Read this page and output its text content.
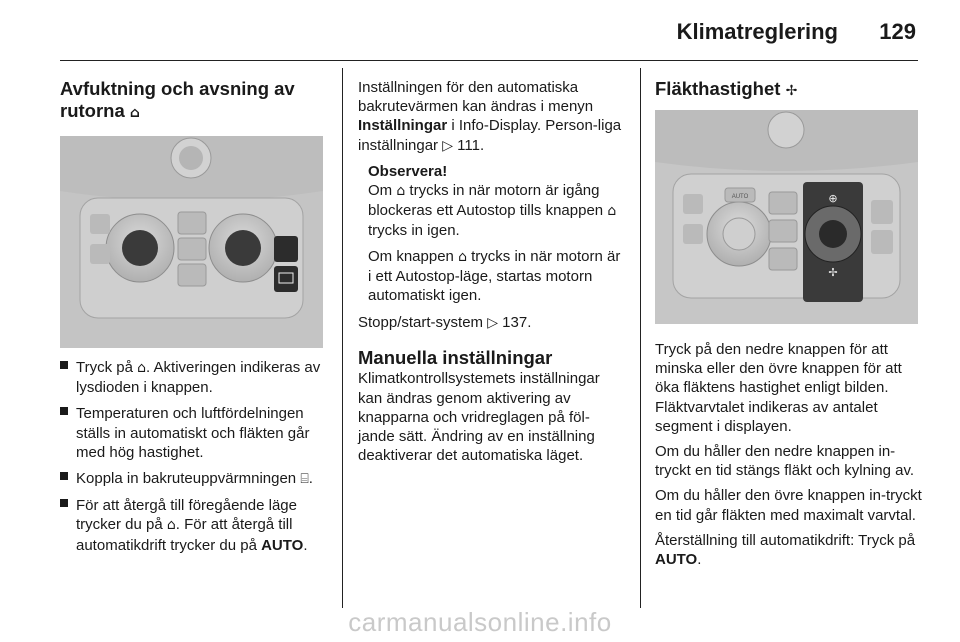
Klimatreglering 129
Avfuktning och avsning av
rutorna ⌂
Tryck på ⌂. Aktiveringen indikeras av lysdioden i knappen.
Temperaturen och luftfördelningen ställs in automatiskt och fläkten går med hög hastighet.
Koppla in bakruteuppvärmningen ⌸.
För att återgå till föregående läge trycker du på ⌂. För att återgå till automatikdrift trycker du på AUTO.

Inställningen för den automatiska bakrutevärmen kan ändras i menyn Inställningar i Info-Display. Person-liga inställningar ▷ 111.

Observera!

Om ⌂ trycks in när motorn är igång blockeras ett Autostop tills knappen ⌂ trycks in igen.

Om knappen ⌂ trycks in när motorn är i ett Autostop-läge, startas motorn automatiskt igen.

Stopp/start-system ▷ 137.

Manuella inställningar

Klimatkontrollsystemets inställningar kan ändras genom aktivering av knapparna och vridreglagen på föl-jande sätt. Ändring av en inställning deaktiverar det automatiska läget.

Fläkthastighet ✢
⊕
✢
AUTO

Tryck på den nedre knappen för att minska eller den övre knappen för att öka fläktens hastighet enligt bilden. Fläktvarvtalet indikeras av antalet segment i displayen.

Om du håller den nedre knappen in-tryckt en tid stängs fläkt och kylning av.

Om du håller den övre knappen in-tryckt en tid går fläkten med maximalt varvtal.

Återställning till automatikdrift: Tryck på AUTO.

carmanualsonline.info
